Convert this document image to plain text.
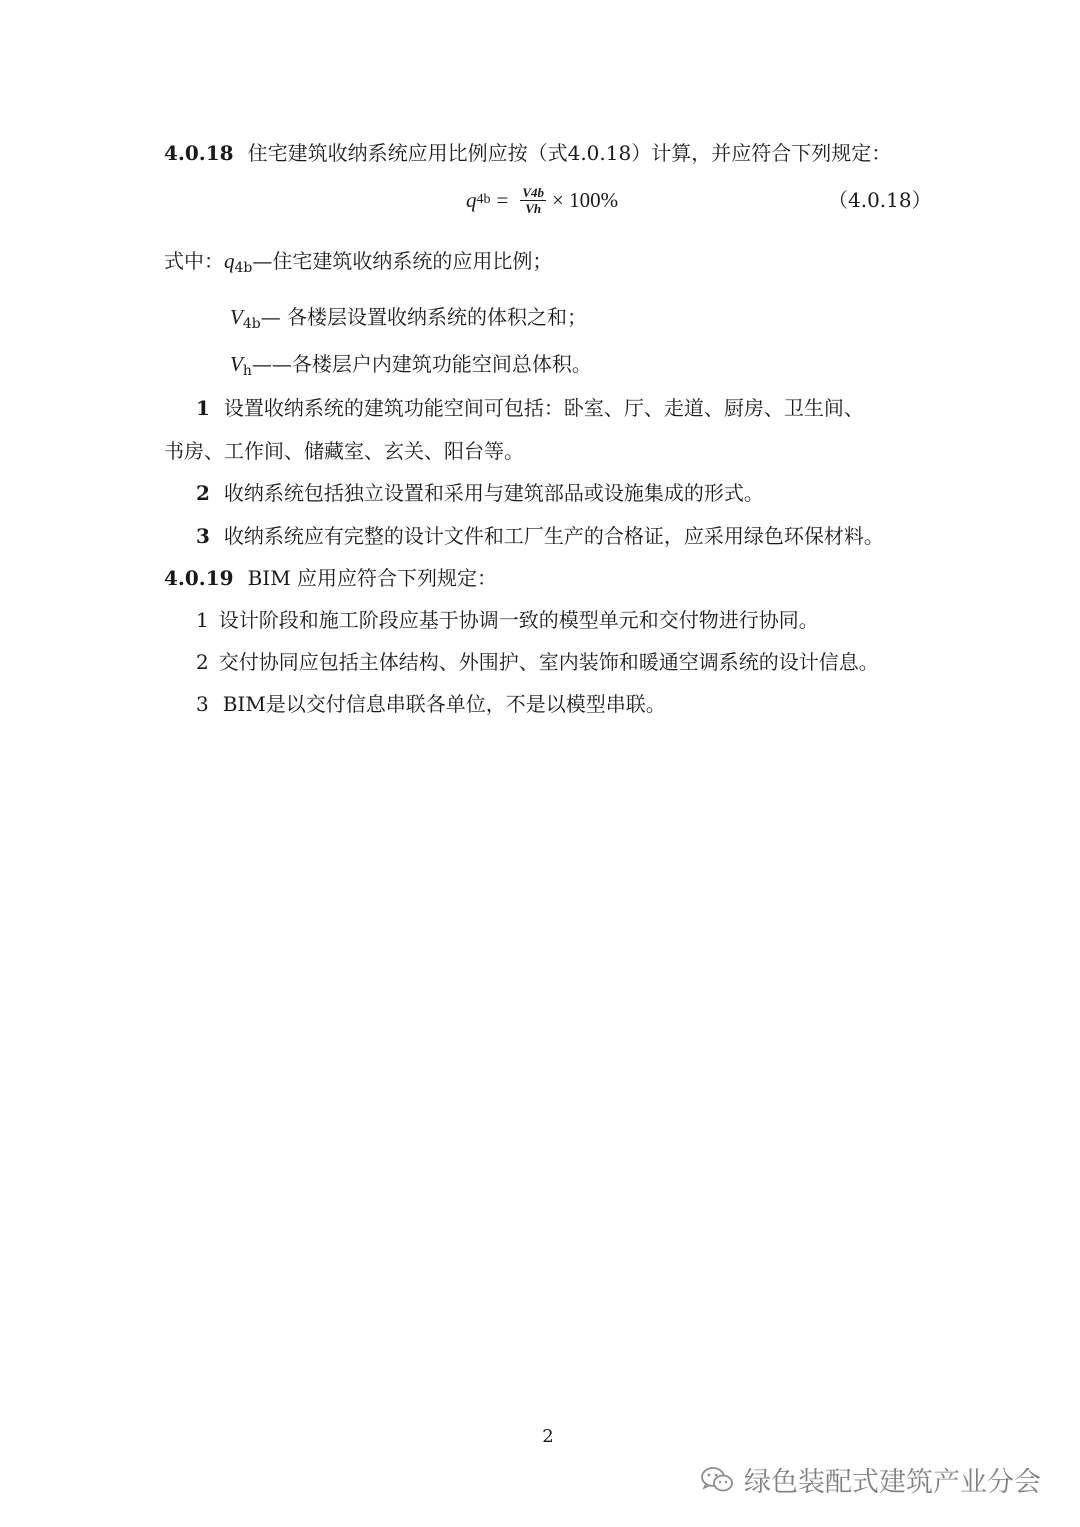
4.0.18 住宅建筑收纳系统应用比例应按（式4.0.18）计算，并应符合下列规定：
q $4b = \frac{V4b}{Vh} \times 100\%$	（4.0.18）
式中：$q_{4b}—$住宅建筑收纳系统的应用比例；
$V_{4b}—$ 各楼层设置收纳系统的体积之和；
$V_h——$各楼层户内建筑功能空间总体积。
1 设置收纳系统的建筑功能空间可包括：卧室、厅、走道、厨房、卫生间、
书房、工作间、储藏室、玄关、阳台等。
2 收纳系统包括独立设置和采用与建筑部品或设施集成的形式。
3 收纳系统应有完整的设计文件和工厂生产的合格证，应采用绿色环保材料。
4.0.19 BIM 应用应符合下列规定：
1 设计阶段和施工阶段应基于协调一致的模型单元和交付物进行协同。
2 交付协同应包括主体结构、外围护、室内装饰和暖通空调系统的设计信息。
3 BIM是以交付信息串联各单位，不是以模型串联。
2
绿色装配式建筑产业分会
